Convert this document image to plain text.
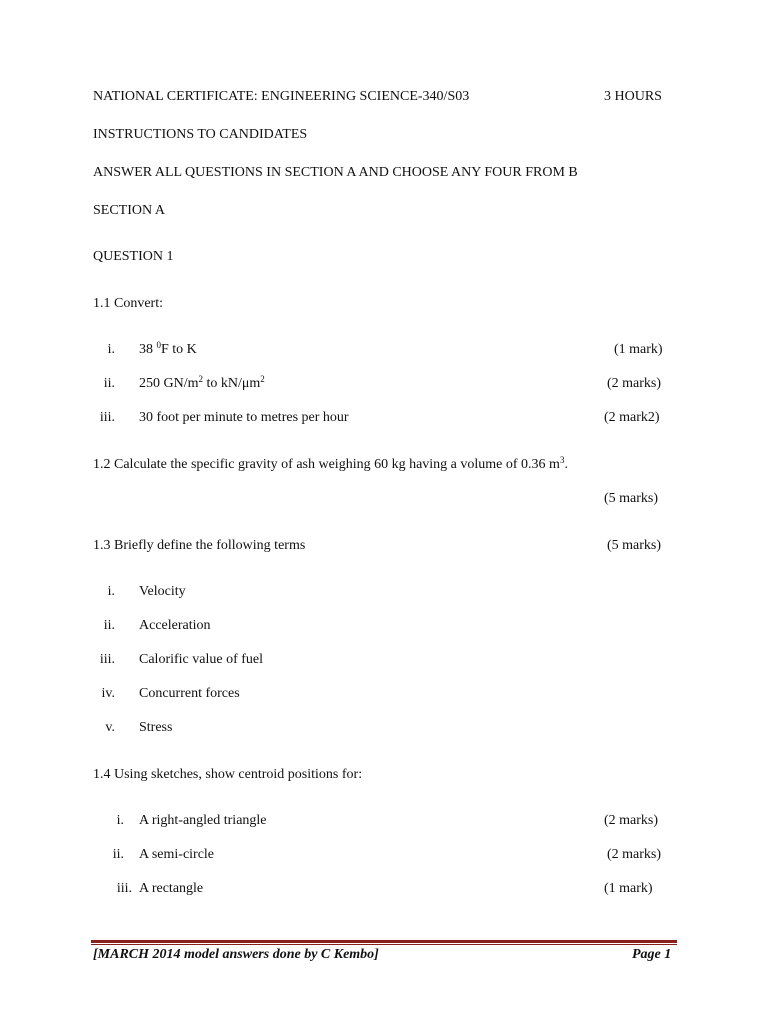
NATIONAL CERTIFICATE: ENGINEERING SCIENCE-340/S03	3 HOURS
INSTRUCTIONS TO CANDIDATES
ANSWER ALL QUESTIONS IN SECTION A AND CHOOSE ANY FOUR FROM B
SECTION A
QUESTION 1
1.1 Convert:
i. 38 $^0$F to K	(1 mark)
ii. 250 $GN/m^2$ to $kN/\mu m^2$	(2 marks)
iii. 30 foot per minute to metres per hour	(2 mark2)
1.2 Calculate the specific gravity of ash weighing 60 kg having a volume of 0.36 $m^3$.
(5 marks)
1.3 Briefly define the following terms	(5 marks)
i. Velocity
ii. Acceleration
iii. Calorific value of fuel
iv. Concurrent forces
v. Stress
1.4 Using sketches, show centroid positions for:
i. A right-angled triangle	(2 marks)
ii. A semi-circle	(2 marks)
iii. A rectangle	(1 mark)
[MARCH 2014 model answers done by C Kembo]	Page 1
